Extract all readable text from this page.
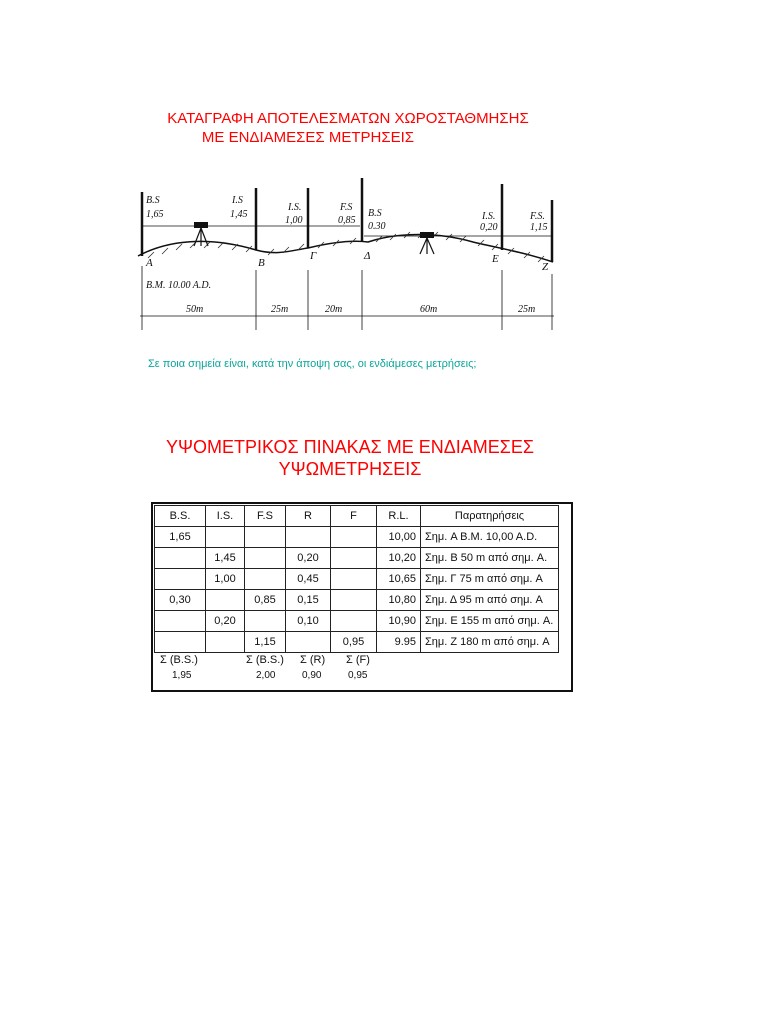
ΚΑΤΑΓΡΑΦΗ ΑΠΟΤΕΛΕΣΜΑΤΩΝ ΧΩΡΟΣΤΑΘΜΗΣΗΣ
ΜΕ ΕΝΔΙΑΜΕΣΕΣ ΜΕΤΡΗΣΕΙΣ
B.S
1,65
I.S
1,45
I.S.
1,00
F.S
0,85
B.S
0.30
I.S.
0,20
F.S.
1,15
A	B
Γ	Δ	E
Z
B.M. 10.00 A.D.
50m	25m	20m	60m	25m
Σε ποια σημεία είναι, κατά την άποψη σας, οι ενδιάμεσες μετρήσεις;
ΥΨΟΜΕΤΡΙΚΟΣ ΠΙΝΑΚΑΣ ΜΕ ΕΝΔΙΑΜΕΣΕΣ
ΥΨΩΜΕΤΡΗΣΕΙΣ
B.S.	I.S.	F.S	R	F	R.L.	Παρατηρήσεις
1,65					10,00	Σημ. A B.M. 10,00 A.D.
	1,45		0,20		10,20	Σημ. B 50 m από σημ. A.
	1,00		0,45		10,65	Σημ. Γ 75 m από σημ. A
0,30		0,85	0,15		10,80	Σημ. Δ 95 m από σημ. A
	0,20		0,10		10,90	Σημ. E 155 m από σημ. A.
		1,15		0,95	9.95	Σημ. Z 180 m από σημ. A
Σ (B.S.)
1,95
Σ (B.S.)
2,00
Σ (R)
0,90
Σ (F)
0,95
